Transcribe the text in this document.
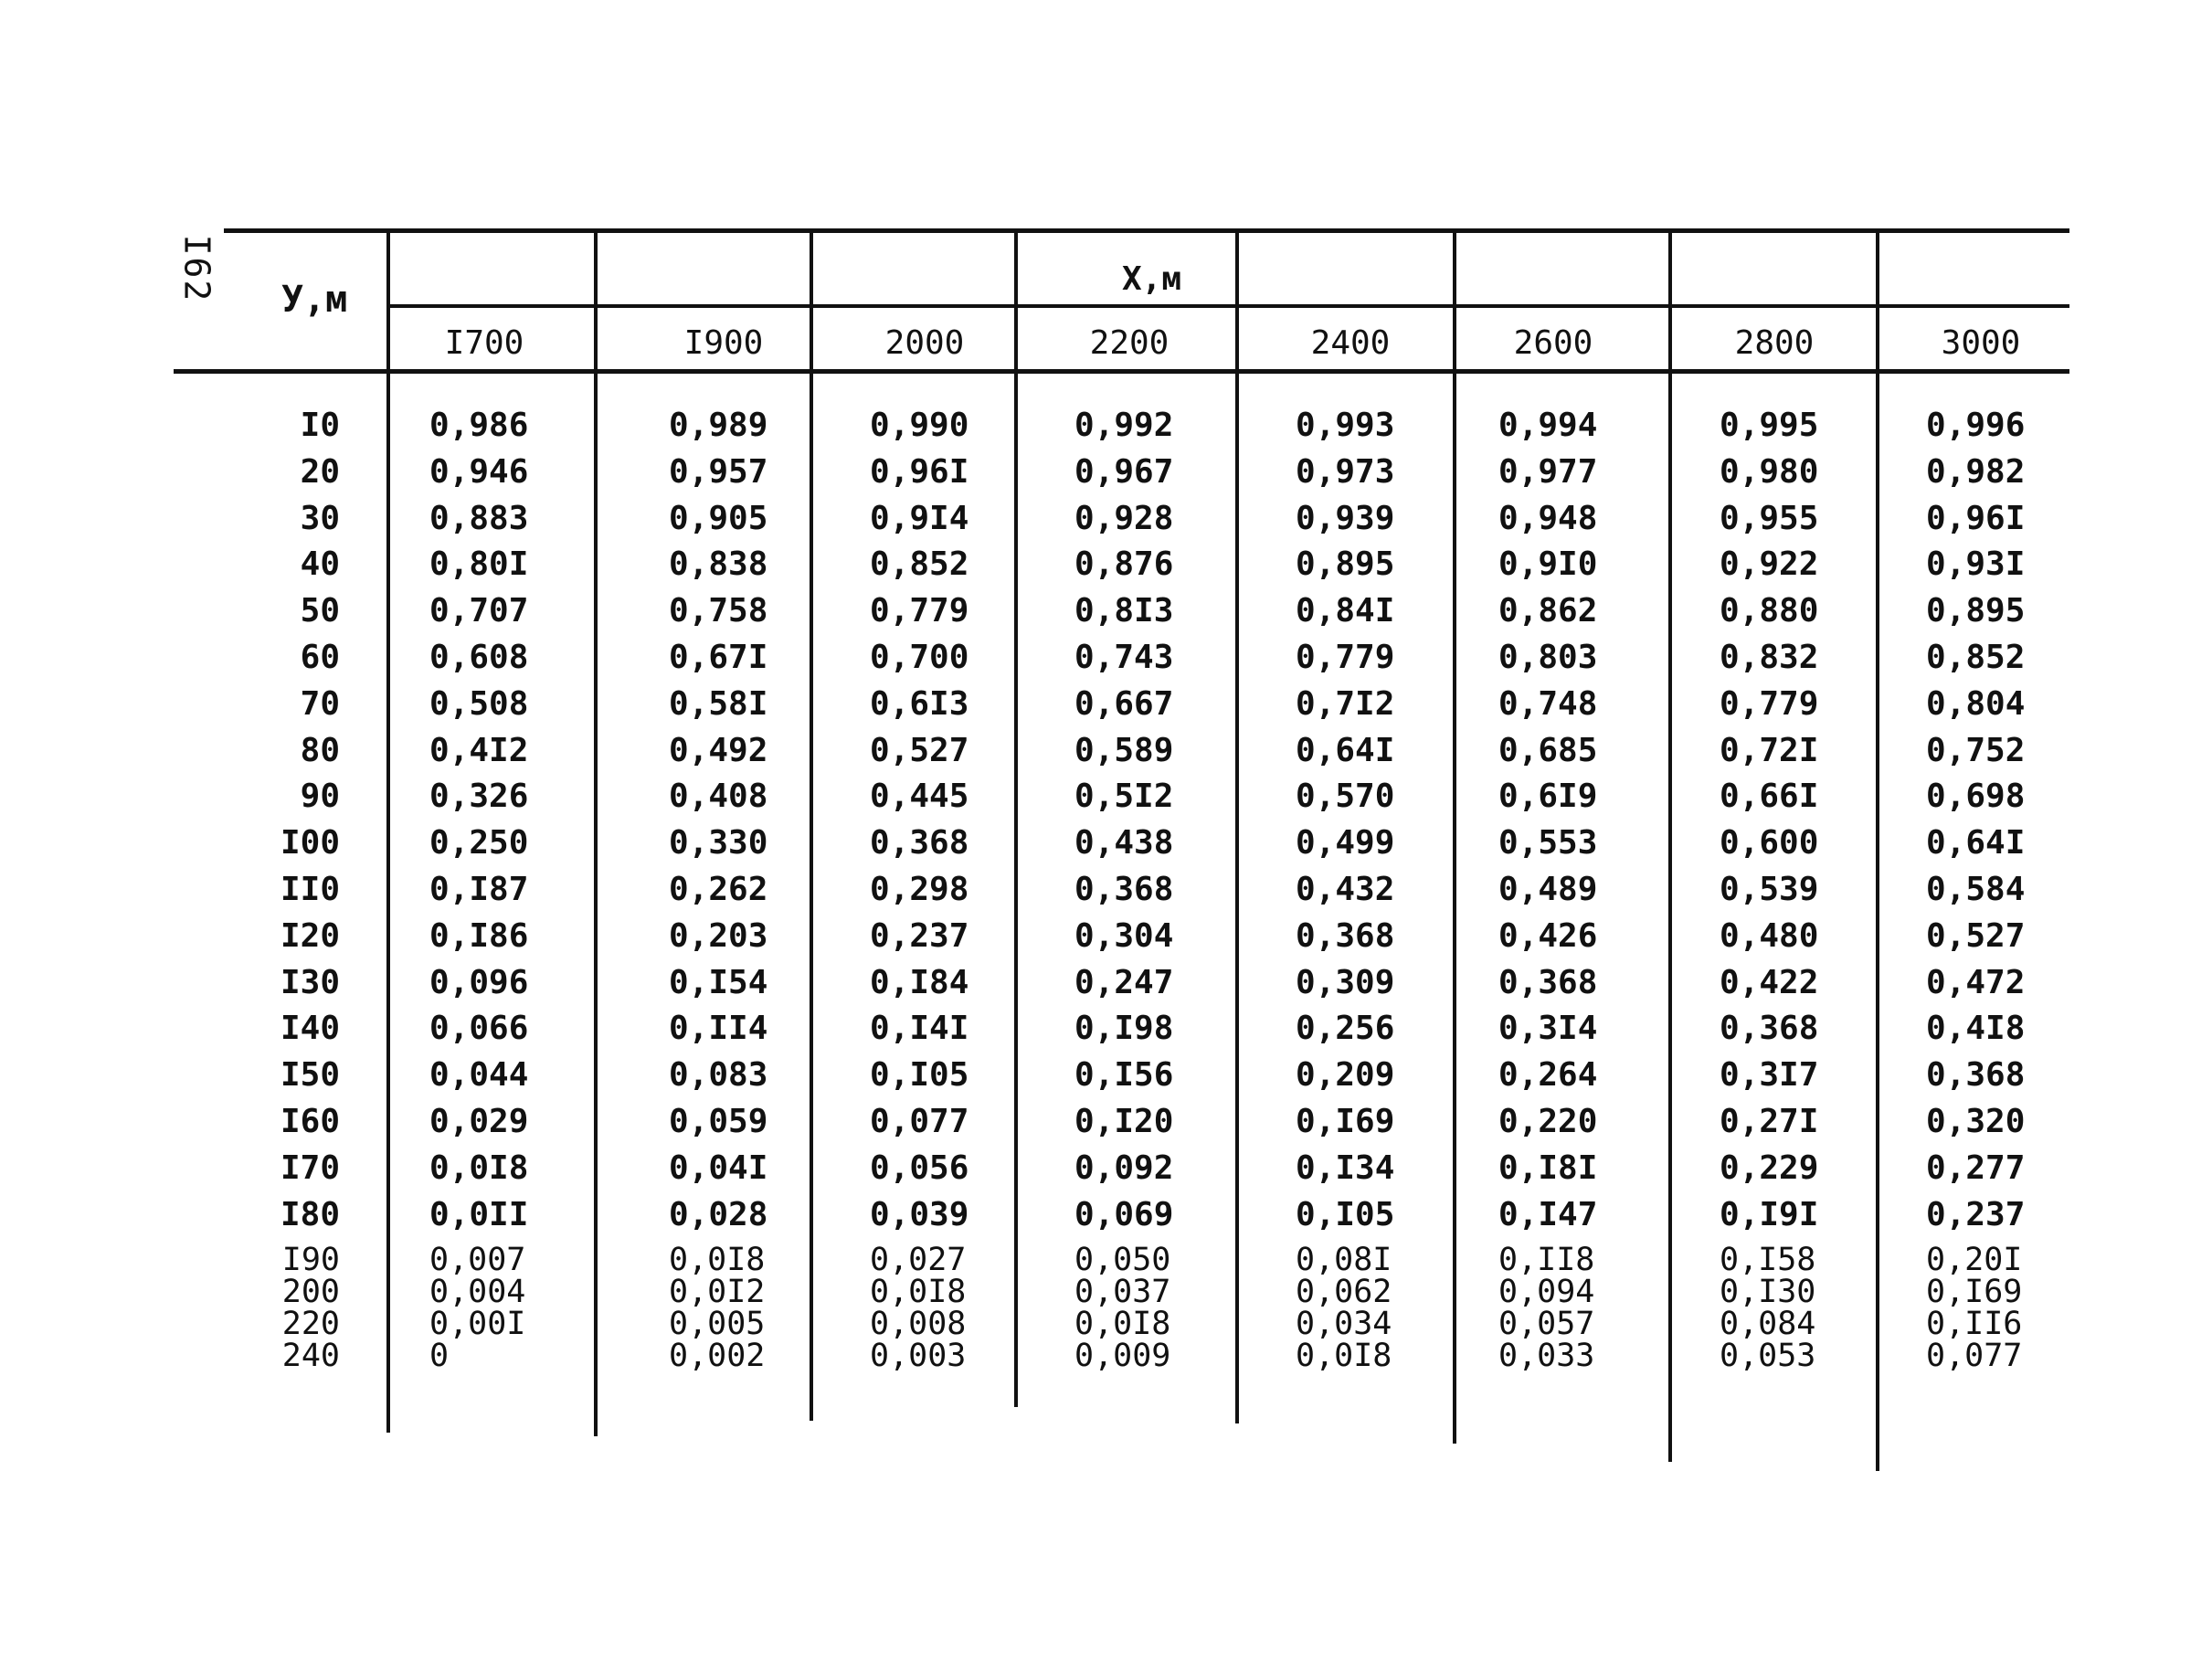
I62 У,м	X,м
I700	I900	2000	2200	2400	2600	2800	3000
I0	0,986	0,989	0,990	0,992	0,993	0,994	0,995	0,996
20	0,946	0,957	0,96I	0,967	0,973	0,977	0,980	0,982
30	0,883	0,905	0,9I4	0,928	0,939	0,948	0,955	0,96I
40	0,80I	0,838	0,852	0,876	0,895	0,9I0	0,922	0,93I
50	0,707	0,758	0,779	0,8I3	0,84I	0,862	0,880	0,895
60	0,608	0,67I	0,700	0,743	0,779	0,803	0,832	0,852
70	0,508	0,58I	0,6I3	0,667	0,7I2	0,748	0,779	0,804
80	0,4I2	0,492	0,527	0,589	0,64I	0,685	0,72I	0,752
90	0,326	0,408	0,445	0,5I2	0,570	0,6I9	0,66I	0,698
I00	0,250	0,330	0,368	0,438	0,499	0,553	0,600	0,64I
II0	0,I87	0,262	0,298	0,368	0,432	0,489	0,539	0,584
I20	0,I86	0,203	0,237	0,304	0,368	0,426	0,480	0,527
I30	0,096	0,I54	0,I84	0,247	0,309	0,368	0,422	0,472
I40	0,066	0,II4	0,I4I	0,I98	0,256	0,3I4	0,368	0,4I8
I50	0,044	0,083	0,I05	0,I56	0,209	0,264	0,3I7	0,368
I60	0,029	0,059	0,077	0,I20	0,I69	0,220	0,27I	0,320
I70	0,0I8	0,04I	0,056	0,092	0,I34	0,I8I	0,229	0,277
I80	0,0II	0,028	0,039	0,069	0,I05	0,I47	0,I9I	0,237
I90	0,007	0,0I8	0,027	0,050	0,08I	0,II8	0,I58	0,20I
200	0,004	0,0I2	0,0I8	0,037	0,062	0,094	0,I30	0,I69
220	0,00I	0,005	0,008	0,0I8	0,034	0,057	0,084	0,II6
240	0	0,002	0,003	0,009	0,0I8	0,033	0,053	0,077
